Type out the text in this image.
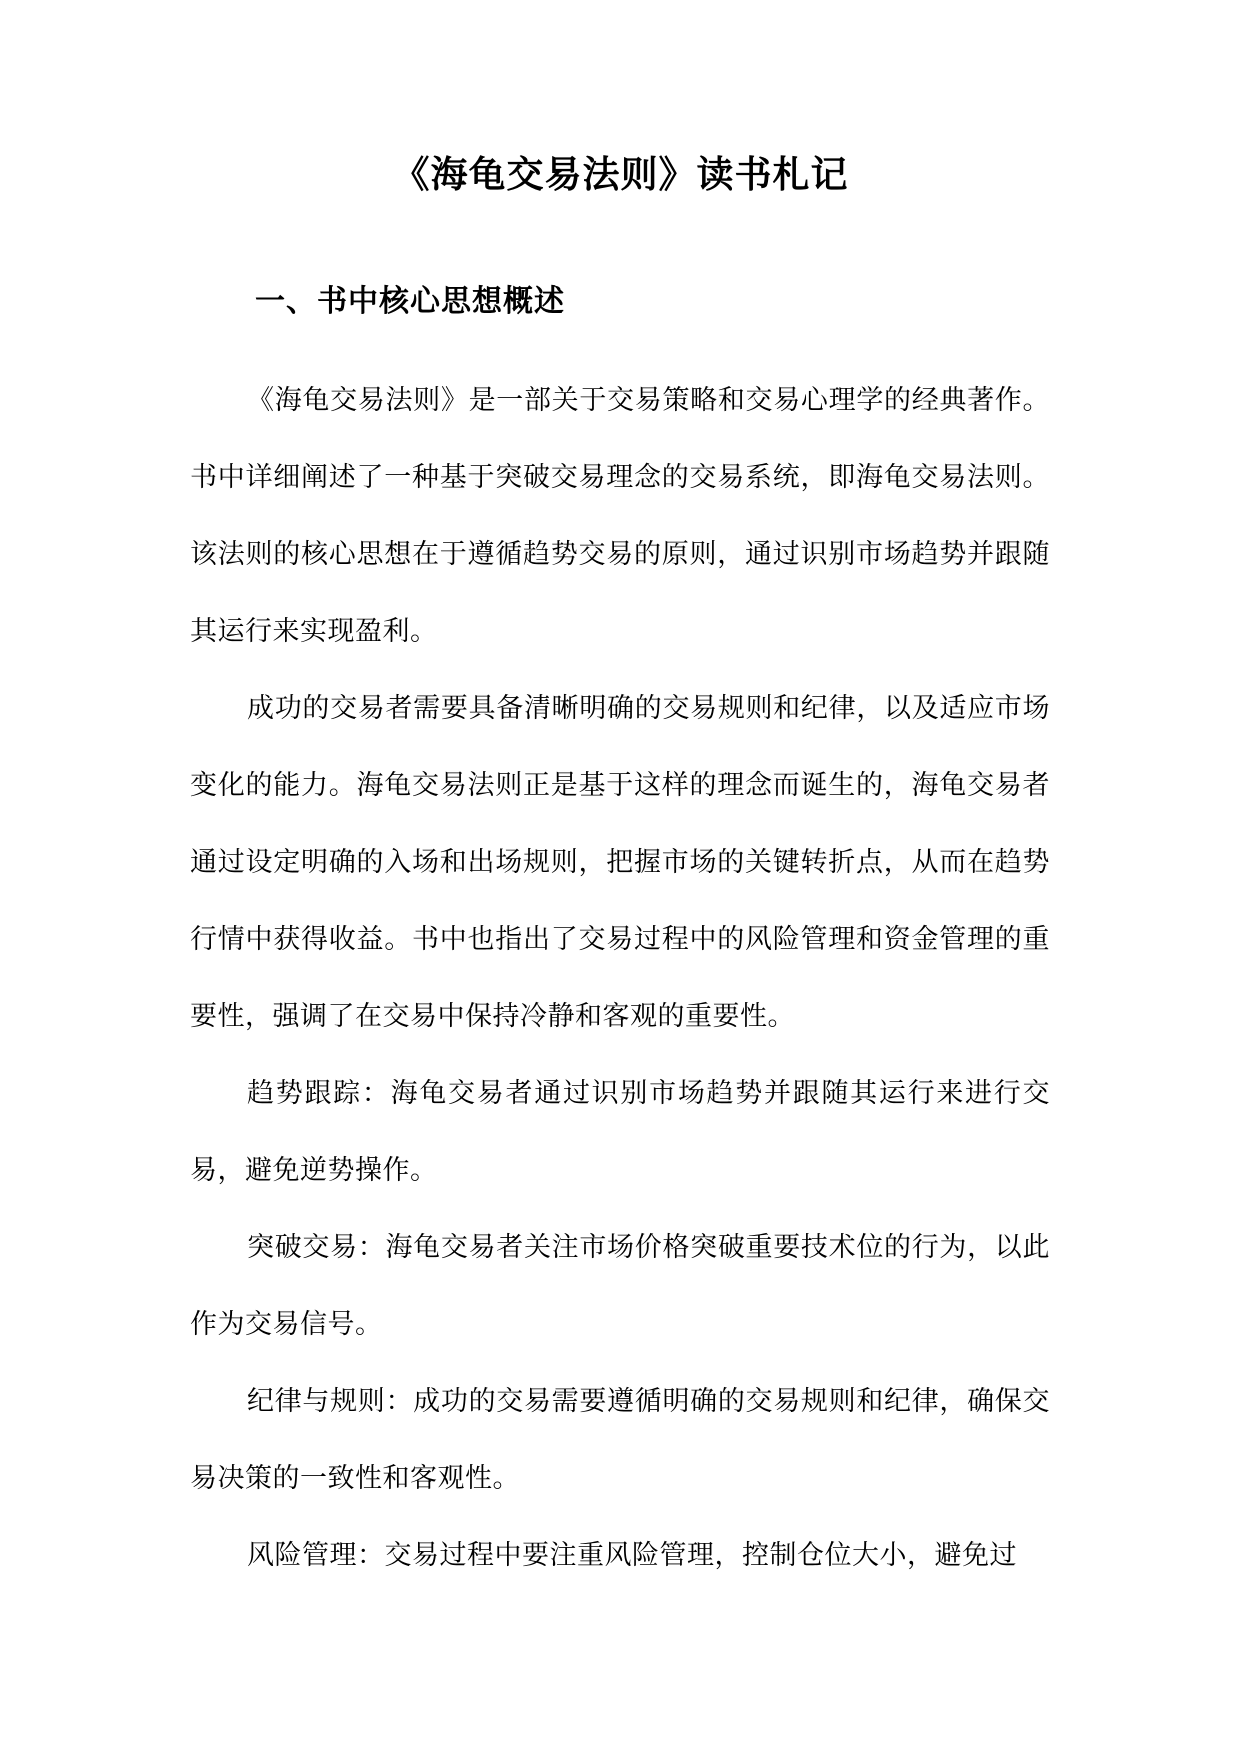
《海龟交易法则》读书札记
一、书中核心思想概述

《海龟交易法则》是一部关于交易策略和交易心理学的经典著作。书中详细阐述了一种基于突破交易理念的交易系统，即海龟交易法则。该法则的核心思想在于遵循趋势交易的原则，通过识别市场趋势并跟随其运行来实现盈利。

成功的交易者需要具备清晰明确的交易规则和纪律，以及适应市场变化的能力。海龟交易法则正是基于这样的理念而诞生的，海龟交易者通过设定明确的入场和出场规则，把握市场的关键转折点，从而在趋势行情中获得收益。书中也指出了交易过程中的风险管理和资金管理的重要性，强调了在交易中保持冷静和客观的重要性。

趋势跟踪：海龟交易者通过识别市场趋势并跟随其运行来进行交易，避免逆势操作。

突破交易：海龟交易者关注市场价格突破重要技术位的行为，以此作为交易信号。

纪律与规则：成功的交易需要遵循明确的交易规则和纪律，确保交易决策的一致性和客观性。

风险管理：交易过程中要注重风险管理，控制仓位大小，避免过
